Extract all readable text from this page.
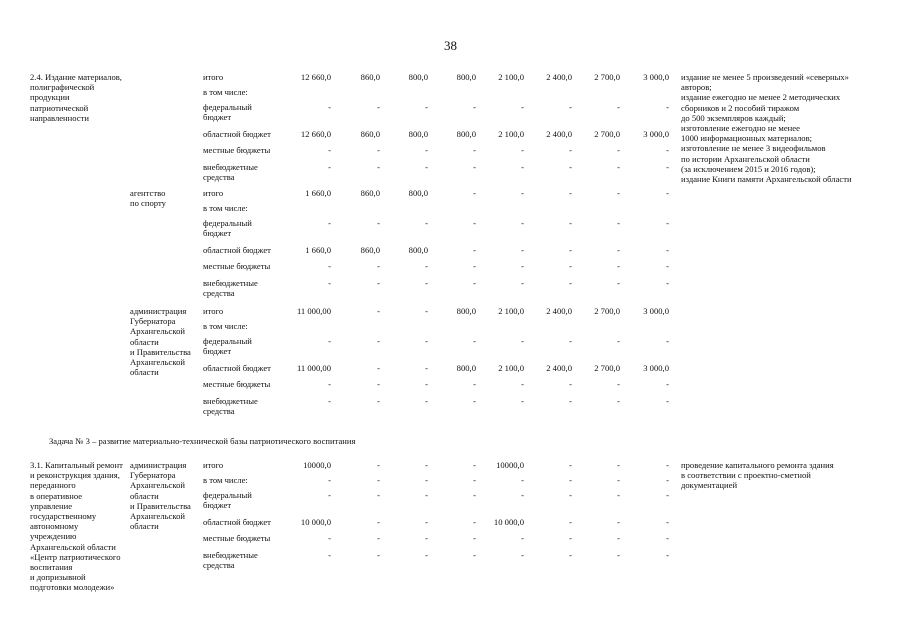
38
2.4. Издание материалов,
полиграфической
продукции
патриотической
направленности
издание не менее 5 произведений «северных»
авторов;
издание ежегодно не менее 2 методических
сборников и 2 пособий тиражом
до 500 экземпляров каждый;
изготовление ежегодно не менее
1000 информационных материалов;
изготовление не менее 3 видеофильмов
по истории Архангельской области
(за исключением 2015 и 2016 годов);
издание Книги памяти Архангельской области
итого	12 660,0	860,0	800,0	800,0	2 100,0	2 400,0	2 700,0	3 000,0
в том числе:
федеральный
бюджет
-	-	-	-	-	-	-	-
областной бюджет	12 660,0	860,0	800,0	800,0	2 100,0	2 400,0	2 700,0	3 000,0
местные бюджеты	-	-	-	-	-	-	-	-
внебюджетные
средства
-	-	-	-	-	-	-	-
агентство
по спорту
итого	1 660,0	860,0	800,0	-	-	-	-	-
в том числе:
федеральный
бюджет
-	-	-	-	-	-	-	-
областной бюджет	1 660,0	860,0	800,0	-	-	-	-	-
местные бюджеты	-	-	-	-	-	-	-	-
внебюджетные
средства
-	-	-	-	-	-	-	-
администрация
Губернатора
Архангельской
области
и Правительства
Архангельской
области
итого	11 000,00	-	-	800,0	2 100,0	2 400,0	2 700,0	3 000,0
в том числе:
федеральный
бюджет
-	-	-	-	-	-	-	-
областной бюджет	11 000,00	-	-	800,0	2 100,0	2 400,0	2 700,0	3 000,0
местные бюджеты	-	-	-	-	-	-	-	-
внебюджетные
средства
-	-	-	-	-	-	-	-
3.1. Капитальный ремонт
и реконструкция здания,
переданного
в оперативное
управление
государственному
автономному
учреждению
Архангельской области
«Центр патриотического
воспитания
и допризывной
подготовки молодежи»
администрация
Губернатора
Архангельской
области
и Правительства
Архангельской
области
проведение капитального ремонта здания
в соответствии с проектно-сметной
документацией
итого	10000,0	-	-	-	10000,0	-	-	-
в том числе:	-	-	-	-	-	-	-	-
федеральный
бюджет
-	-	-	-	-	-	-	-
областной бюджет	10 000,0	-	-	-	10 000,0	-	-	-
местные бюджеты	-	-	-	-	-	-	-	-
внебюджетные
средства
-	-	-	-	-	-	-	-
Задача № 3 – развитие материально-технической базы патриотического воспитания
